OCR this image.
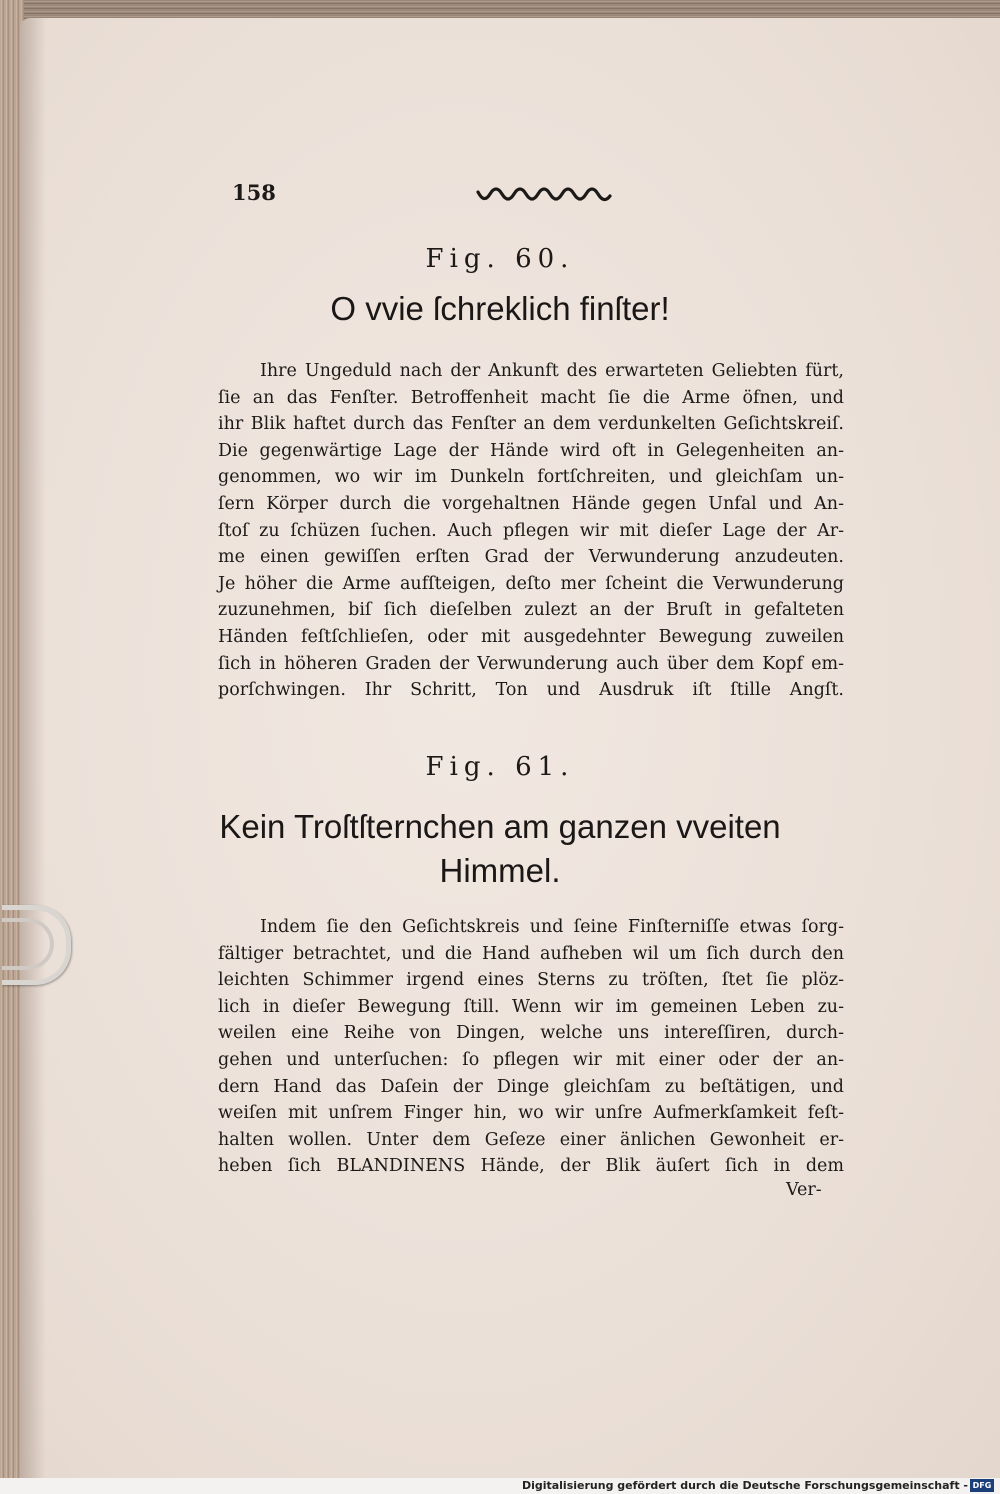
158
Fig. 60.
O vvie ſchreklich finſter!
Ihre Ungeduld nach der Ankunft des erwarteten Geliebten fürt,
ſie an das Fenſter. Betroffenheit macht ſie die Arme öfnen, und
ihr Blik haftet durch das Fenſter an dem verdunkelten Geſichtskreiſ.
Die gegenwärtige Lage der Hände wird oft in Gelegenheiten an-
genommen, wo wir im Dunkeln fortſchreiten, und gleichſam un-
ſern Körper durch die vorgehaltnen Hände gegen Unfal und An-
ſtoſ zu ſchüzen ſuchen. Auch pflegen wir mit dieſer Lage der Ar-
me einen gewiſſen erſten Grad der Verwunderung anzudeuten.
Je höher die Arme aufſteigen, deſto mer ſcheint die Verwunderung
zuzunehmen, biſ ſich dieſelben zulezt an der Bruſt in gefalteten
Händen feſtſchlieſen, oder mit ausgedehnter Bewegung zuweilen
ſich in höheren Graden der Verwunderung auch über dem Kopf em-
porſchwingen. Ihr Schritt, Ton und Ausdruk iſt ſtille Angſt.
Fig. 61.
Kein Troſtſternchen am ganzen vveiten
Himmel.
Indem ſie den Geſichtskreis und ſeine Finſterniſſe etwas ſorg-
fältiger betrachtet, und die Hand aufheben wil um ſich durch den
leichten Schimmer irgend eines Sterns zu tröſten, ſtet ſie plöz-
lich in dieſer Bewegung ſtill. Wenn wir im gemeinen Leben zu-
weilen eine Reihe von Dingen, welche uns intereſſiren, durch-
gehen und unterſuchen: ſo pflegen wir mit einer oder der an-
dern Hand das Daſein der Dinge gleichſam zu beſtätigen, und
weiſen mit unſrem Finger hin, wo wir unſre Aufmerkſamkeit feſt-
halten wollen. Unter dem Geſeze einer änlichen Gewonheit er-
heben ſich BLANDINENS Hände, der Blik äuſert ſich in dem
Ver-
Digitalisierung gefördert durch die Deutsche Forschungsgemeinschaft - DFG
